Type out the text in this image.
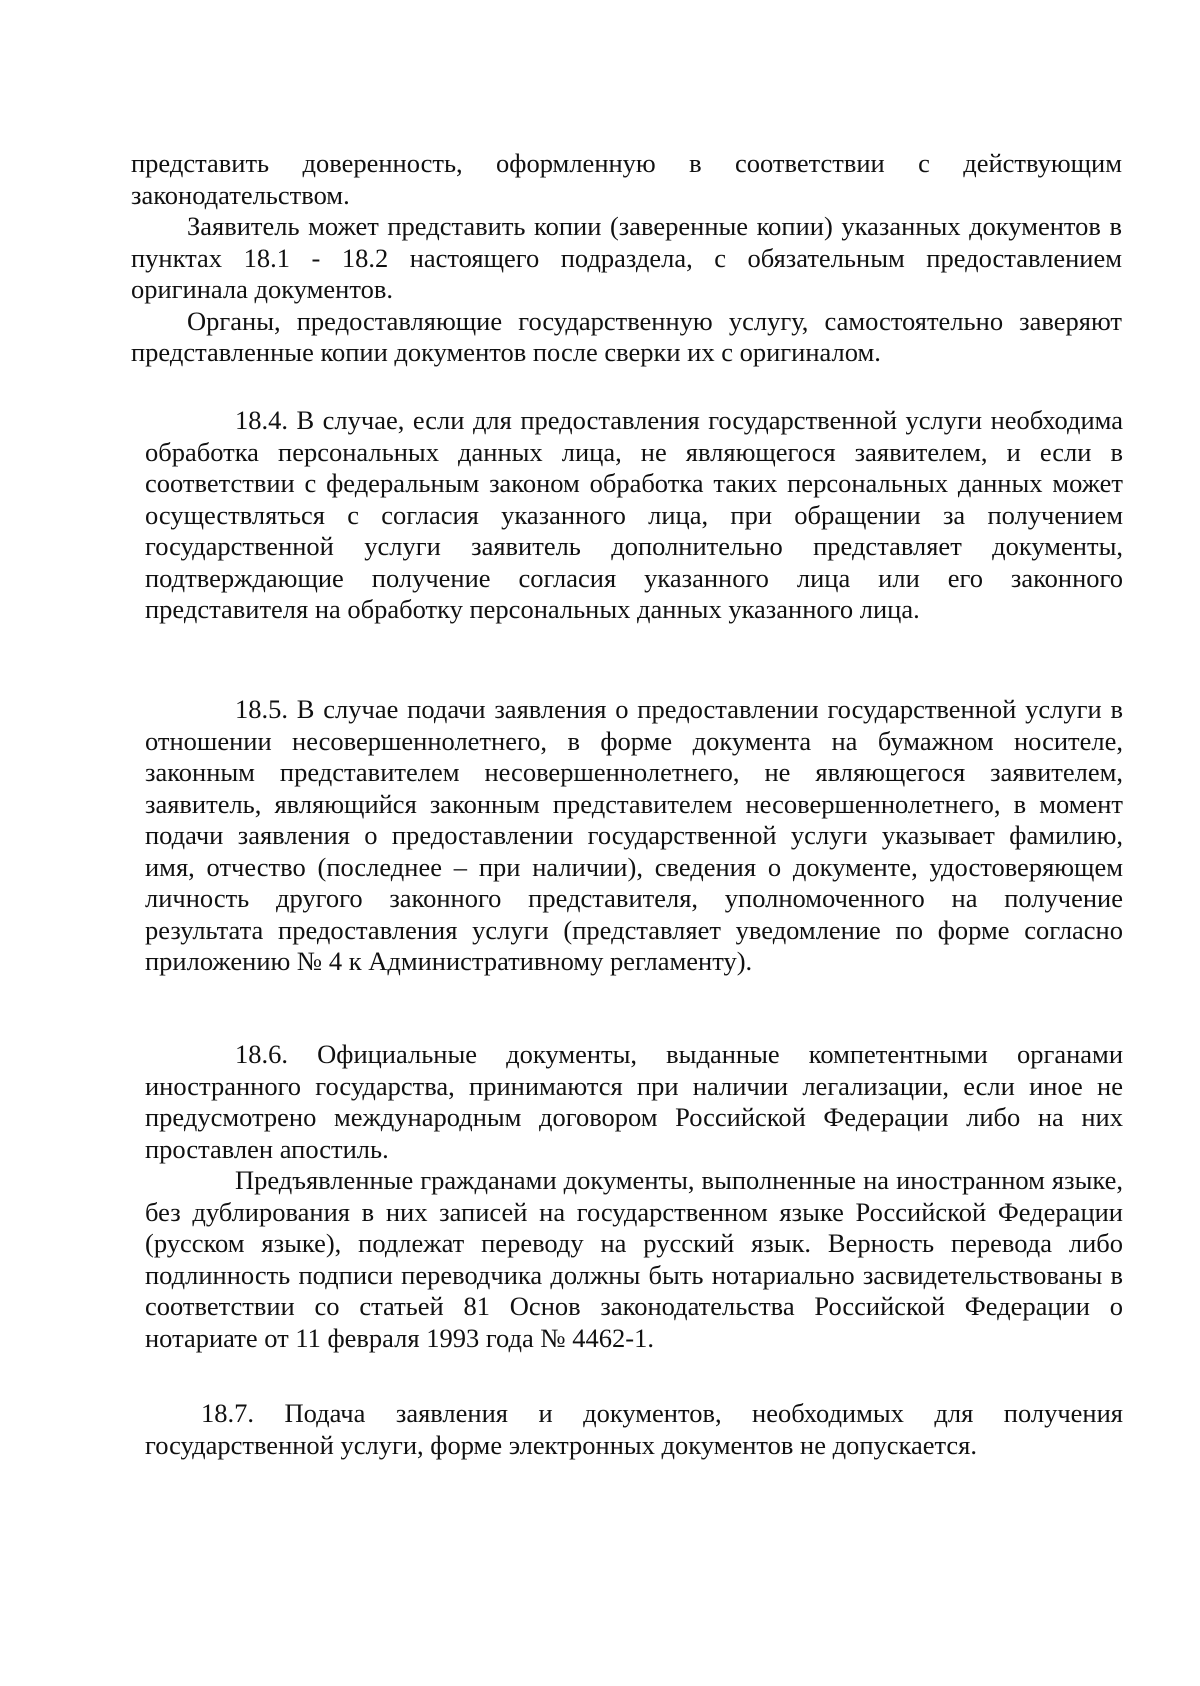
представить доверенность, оформленную в соответствии с действующим законодательством.

Заявитель может представить копии (заверенные копии) указанных документов в пунктах 18.1 - 18.2 настоящего подраздела, с обязательным предоставлением оригинала документов.

Органы, предоставляющие государственную услугу, самостоятельно заверяют представленные копии документов после сверки их с оригиналом.

18.4. В случае, если для предоставления государственной услуги необходима обработка персональных данных лица, не являющегося заявителем, и если в соответствии с федеральным законом обработка таких персональных данных может осуществляться с согласия указанного лица, при обращении за получением государственной услуги заявитель дополнительно представляет документы, подтверждающие получение согласия указанного лица или его законного представителя на обработку персональных данных указанного лица.

18.5. В случае подачи заявления о предоставлении государственной услуги в отношении несовершеннолетнего, в форме документа на бумажном носителе, законным представителем несовершеннолетнего, не являющегося заявителем, заявитель, являющийся законным представителем несовершеннолетнего, в момент подачи заявления о предоставлении государственной услуги указывает фамилию, имя, отчество (последнее – при наличии), сведения о документе, удостоверяющем личность другого законного представителя, уполномоченного на получение результата предоставления услуги (представляет уведомление по форме согласно приложению № 4 к Административному регламенту).

18.6. Официальные документы, выданные компетентными органами иностранного государства, принимаются при наличии легализации, если иное не предусмотрено международным договором Российской Федерации либо на них проставлен апостиль.

Предъявленные гражданами документы, выполненные на иностранном языке, без дублирования в них записей на государственном языке Российской Федерации (русском языке), подлежат переводу на русский язык. Верность перевода либо подлинность подписи переводчика должны быть нотариально засвидетельствованы в соответствии со статьей 81 Основ законодательства Российской Федерации о нотариате от 11 февраля 1993 года № 4462-1.

18.7. Подача заявления и документов, необходимых для получения государственной услуги, форме электронных документов не допускается.
